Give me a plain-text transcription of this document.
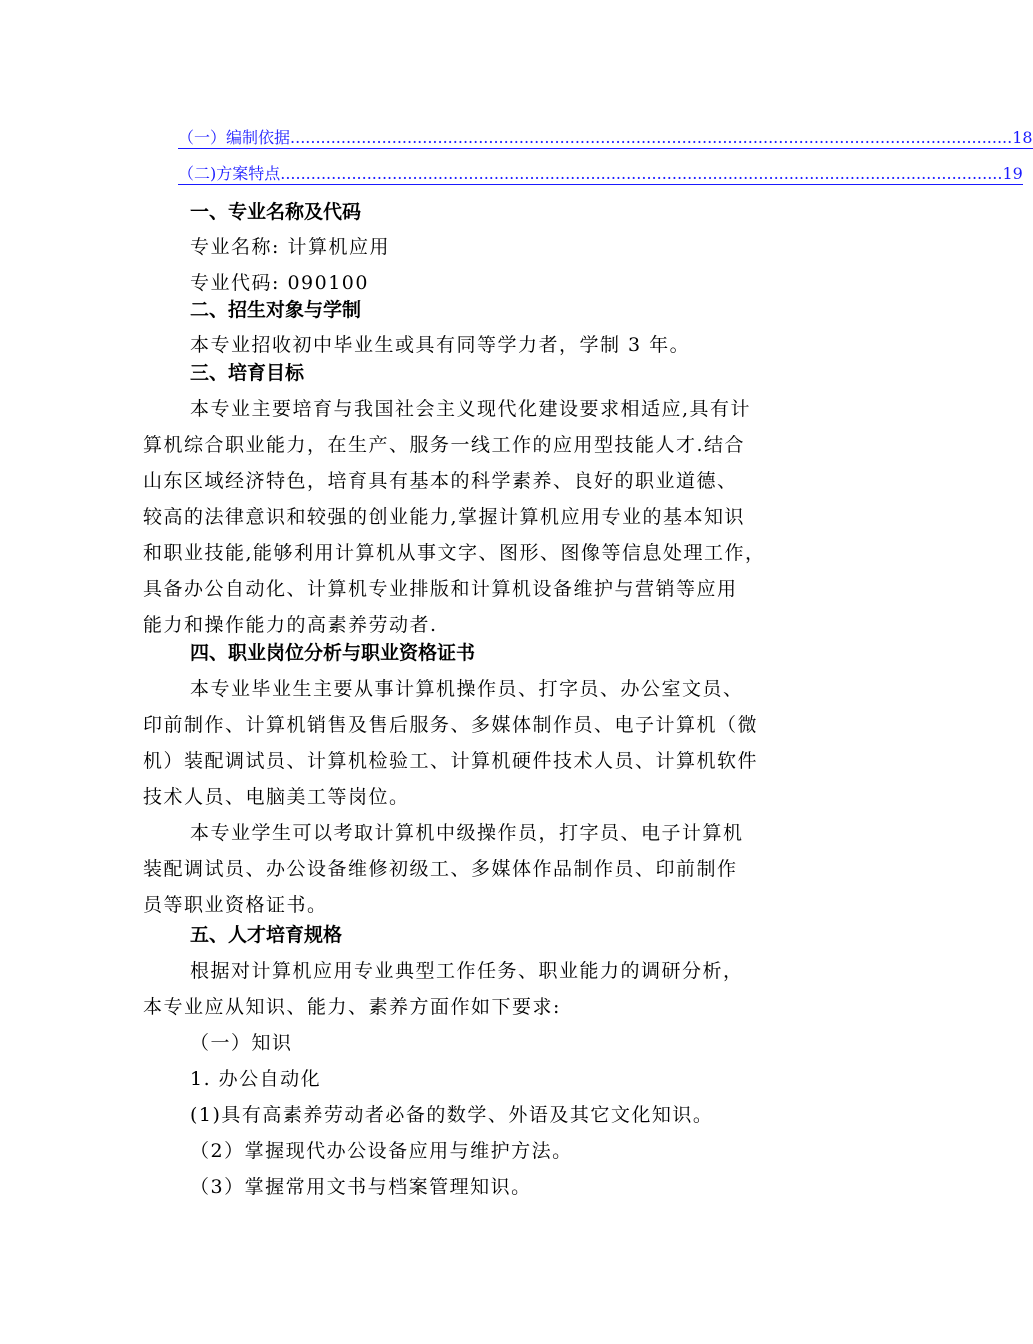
（一）编制依据 .............................................................................................................................................. 18
（二)方案特点 .............................................................................................................................................. 19
一、专业名称及代码
专业名称: 计算机应用
专业代码: 090100
二、招生对象与学制
本专业招收初中毕业生或具有同等学力者，学制 3 年。
三、培育目标
本专业主要培育与我国社会主义现代化建设要求相适应,具有计
算机综合职业能力，在生产、服务一线工作的应用型技能人才.结合
山东区域经济特色，培育具有基本的科学素养、良好的职业道德、
较高的法律意识和较强的创业能力,掌握计算机应用专业的基本知识
和职业技能,能够利用计算机从事文字、图形、图像等信息处理工作，
具备办公自动化、计算机专业排版和计算机设备维护与营销等应用
能力和操作能力的高素养劳动者.
四、职业岗位分析与职业资格证书
本专业毕业生主要从事计算机操作员、打字员、办公室文员、
印前制作、计算机销售及售后服务、多媒体制作员、电子计算机（微
机）装配调试员、计算机检验工、计算机硬件技术人员、计算机软件
技术人员、电脑美工等岗位。
本专业学生可以考取计算机中级操作员，打字员、电子计算机
装配调试员、办公设备维修初级工、多媒体作品制作员、印前制作
员等职业资格证书。
五、人才培育规格
根据对计算机应用专业典型工作任务、职业能力的调研分析，
本专业应从知识、能力、素养方面作如下要求:
（一）知识
1. 办公自动化
(1)具有高素养劳动者必备的数学、外语及其它文化知识。
（2）掌握现代办公设备应用与维护方法。
（3）掌握常用文书与档案管理知识。
